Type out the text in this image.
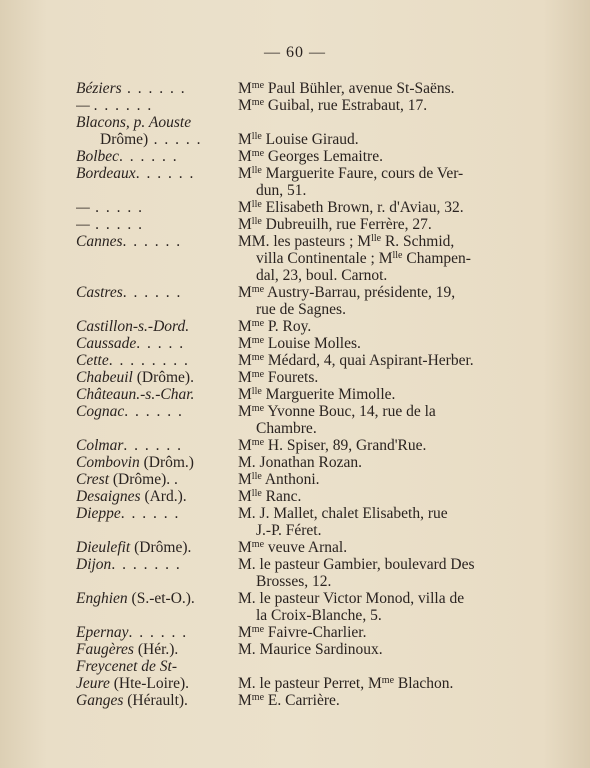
— 60 —
Béziers . . . . . .	$M^{me}$ Paul Bühler, avenue St-Saëns.
— . . . . . .	$M^{me}$ Guibal, rue Estrabaut, 17.
Blacons, p. Aouste
Drôme) . . . . .
	$M^{lle}$ Louise Giraud.
Bolbec. . . . . .	$M^{me}$ Georges Lemaitre.
Bordeaux. . . . . .	$M^{lle}$ Marguerite Faure, cours de Ver-
dun, 51.
— . . . . .	$M^{lle}$ Elisabeth Brown, r. d'Aviau, 32.
— . . . . .	$M^{lle}$ Dubreuilh, rue Ferrère, 27.
Cannes. . . . . .	MM. les pasteurs ; $M^{lle}$ R. Schmid,
villa Continentale ; $M^{lle}$ Champen-
dal, 23, boul. Carnot.
Castres. . . . . .	$M^{me}$ Austry-Barrau, présidente, 19,
rue de Sagnes.
Castillon-s.-Dord.	$M^{me}$ P. Roy.
Caussade. . . . .	$M^{me}$ Louise Molles.
Cette. . . . . . . .	$M^{me}$ Médard, 4, quai Aspirant-Herber.
Chabeuil (Drôme).	$M^{me}$ Fourets.
Châteaun.-s.-Char.	$M^{lle}$ Marguerite Mimolle.
Cognac. . . . . .	$M^{me}$ Yvonne Bouc, 14, rue de la
Chambre.
Colmar. . . . . .	$M^{me}$ H. Spiser, 89, Grand'Rue.
Combovin (Drôm.)	M. Jonathan Rozan.
Crest (Drôme). .	$M^{lle}$ Anthoni.
Desaignes (Ard.).	$M^{lle}$ Ranc.
Dieppe. . . . . .	M. J. Mallet, chalet Elisabeth, rue
J.-P. Féret.
Dieulefit (Drôme).	$M^{me}$ veuve Arnal.
Dijon. . . . . . .	M. le pasteur Gambier, boulevard Des
Brosses, 12.
Enghien (S.-et-O.).	M. le pasteur Victor Monod, villa de
la Croix-Blanche, 5.
Epernay. . . . . .	$M^{me}$ Faivre-Charlier.
Faugères (Hér.).	M. Maurice Sardinoux.
Freycenet de St-
Jeure (Hte-Loire).
	M. le pasteur Perret, $M^{me}$ Blachon.
Ganges (Hérault).	$M^{me}$ E. Carrière.
